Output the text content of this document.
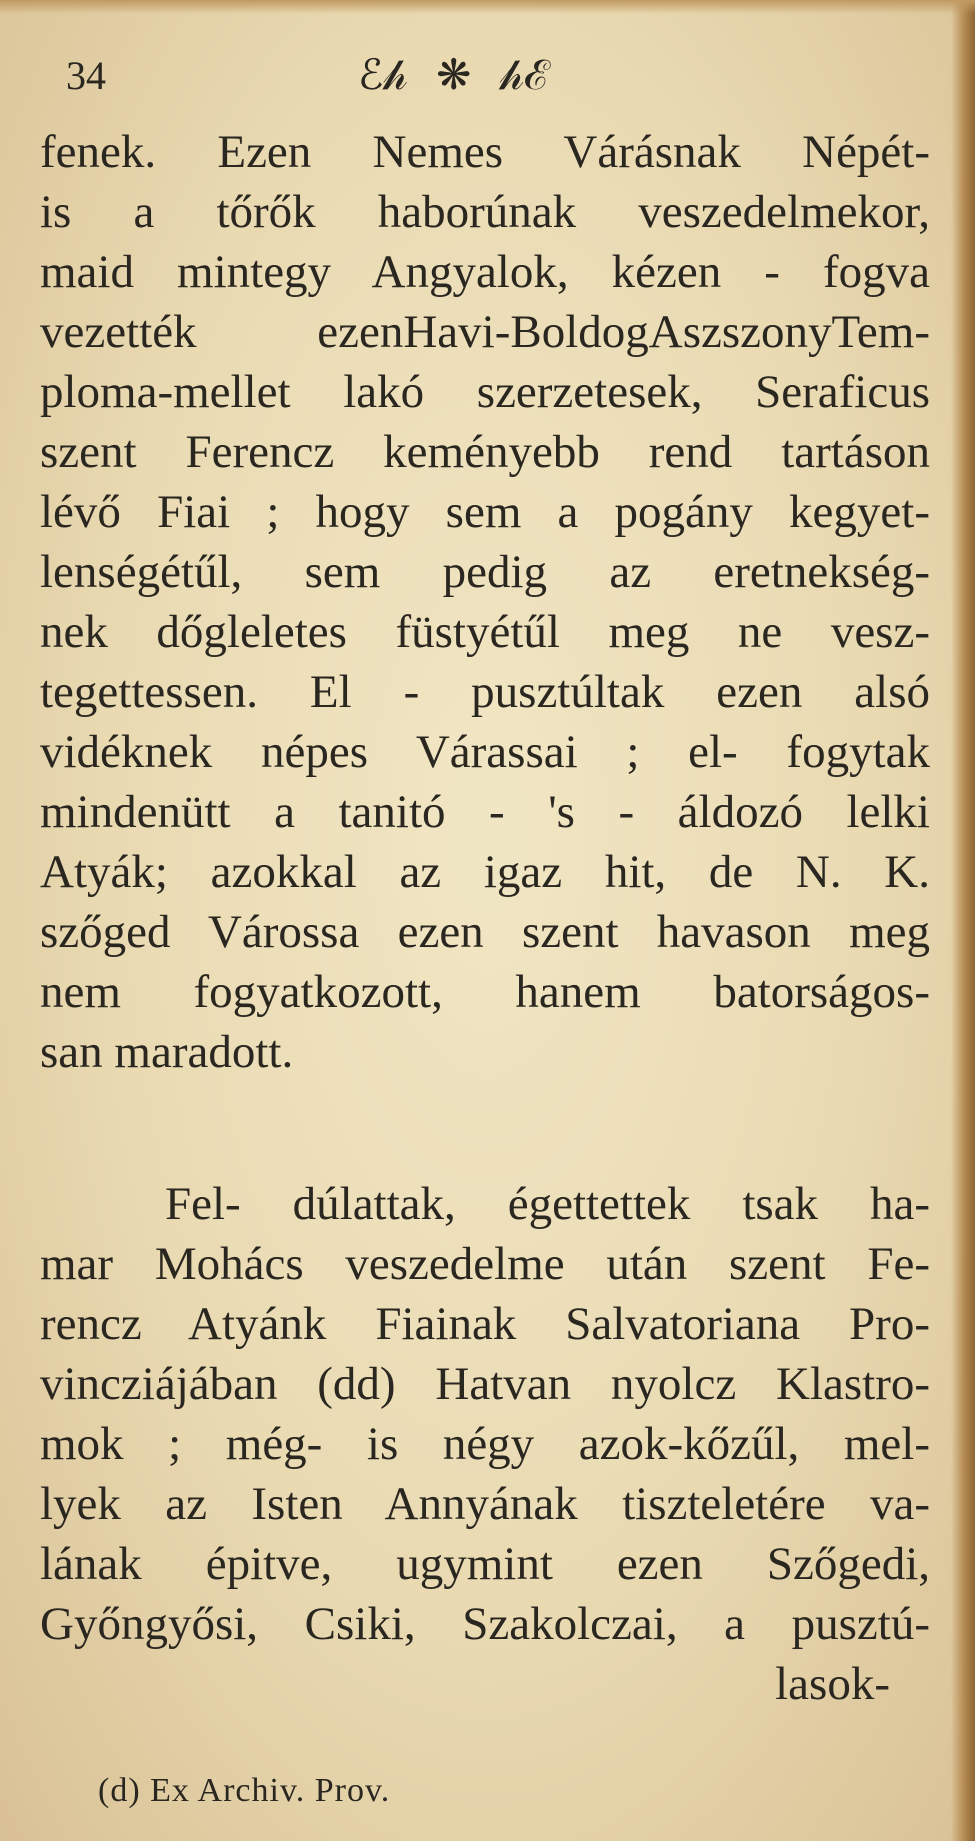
34	ℰ𝒽 ❋ 𝒽ℰ
fenek. Ezen Nemes Várásnak Népét-
is a tőrők haborúnak veszedelmekor,
maid mintegy Angyalok, kézen - fogva
vezették ezenHavi-BoldogAszszonyTem-
ploma-mellet lakó szerzetesek, Seraficus
szent Ferencz keményebb rend tartáson
lévő Fiai ; hogy sem a pogány kegyet-
lenségétűl, sem pedig az eretnekség-
nek dőgleletes füstyétűl meg ne vesz-
tegettessen. El - pusztúltak ezen alsó
vidéknek népes Várassai ; el- fogytak
mindenütt a tanitó - 's - áldozó lelki
Atyák; azokkal az igaz hit, de N. K.
szőged Várossa ezen szent havason meg
nem fogyatkozott, hanem batorságos-
san maradott.
Fel- dúlattak, égettettek tsak ha-
mar Mohács veszedelme után szent Fe-
rencz Atyánk Fiainak Salvatoriana Pro-
vincziájában (dd) Hatvan nyolcz Klastro-
mok ; még- is négy azok-kőzűl, mel-
lyek az Isten Annyának tiszteletére va-
lának épitve, ugymint ezen Szőgedi,
Győngyősi, Csiki, Szakolczai, a pusztú-
lasok-
(d) Ex Archiv. Prov.
